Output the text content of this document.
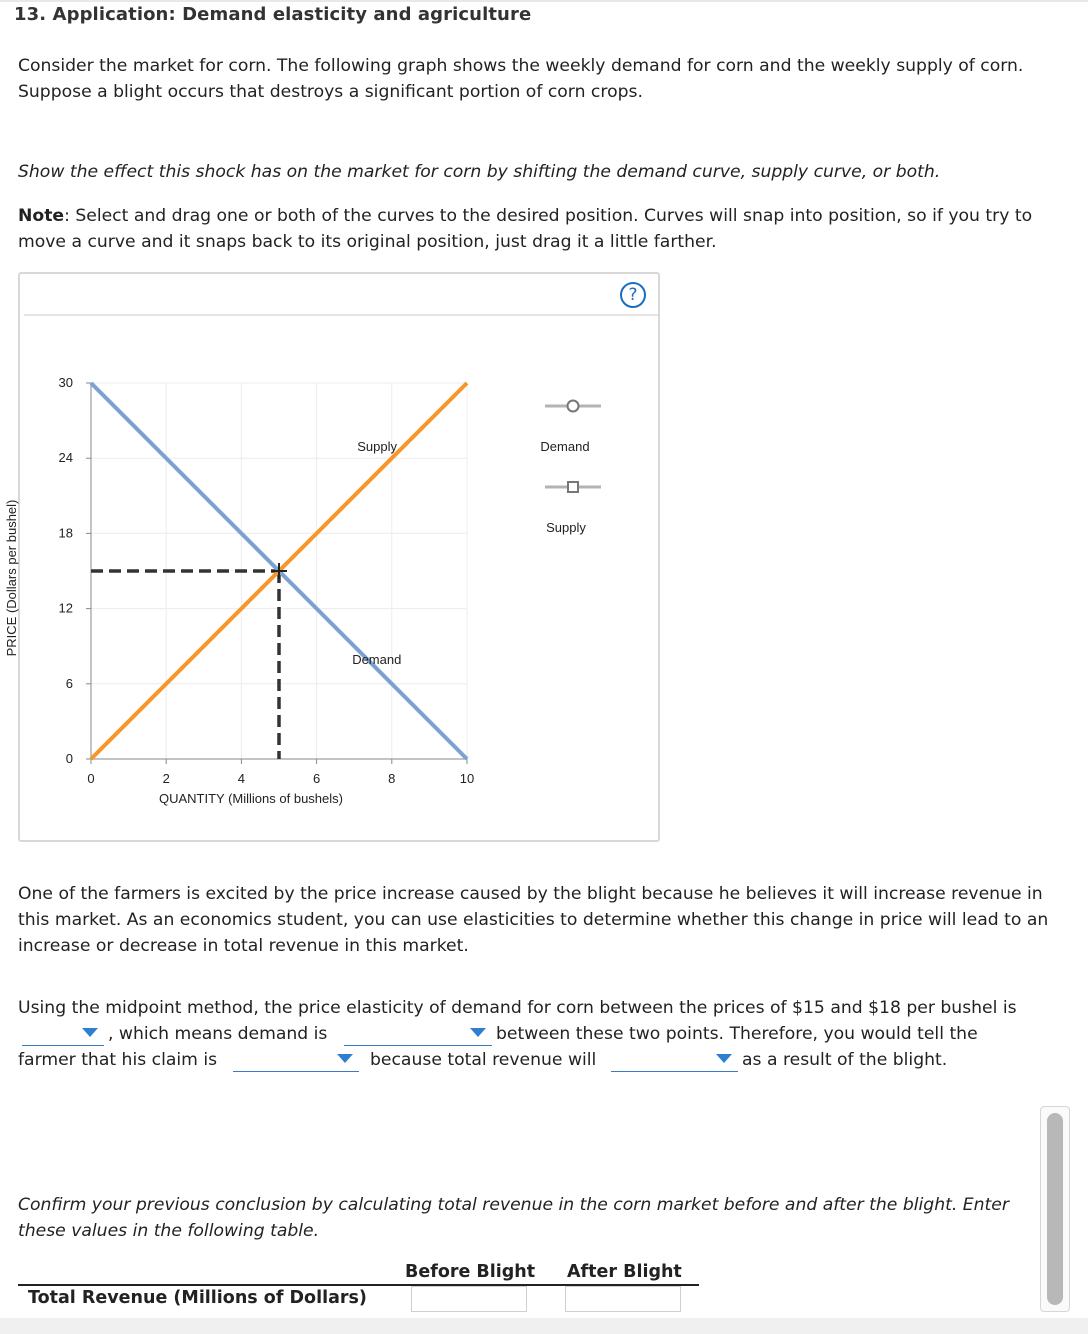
13. Application: Demand elasticity and agriculture
Consider the market for corn. The following graph shows the weekly demand for corn and the weekly supply of corn. Suppose a blight occurs that destroys a significant portion of corn crops.
Show the effect this shock has on the market for corn by shifting the demand curve, supply curve, or both.
Note: Select and drag one or both of the curves to the desired position. Curves will snap into position, so if you try to move a curve and it snaps back to its original position, just drag it a little farther.
?
0
6
12
18
24
30
0	2	4	6	8	10
Supply
Demand
PRICE (Dollars per bushel)
QUANTITY (Millions of bushels)
Demand
Supply
One of the farmers is excited by the price increase caused by the blight because he believes it will increase revenue in this market. As an economics student, you can use elasticities to determine whether this change in price will lead to an increase or decrease in total revenue in this market.
Using the midpoint method, the price elasticity of demand for corn between the prices of $15 and $18 per bushel is
, which means demand is	between these two points. Therefore, you would tell the
farmer that his claim is	because total revenue will	as a result of the blight.
Confirm your previous conclusion by calculating total revenue in the corn market before and after the blight. Enter these values in the following table.
Before Blight After Blight
Total Revenue (Millions of Dollars)
